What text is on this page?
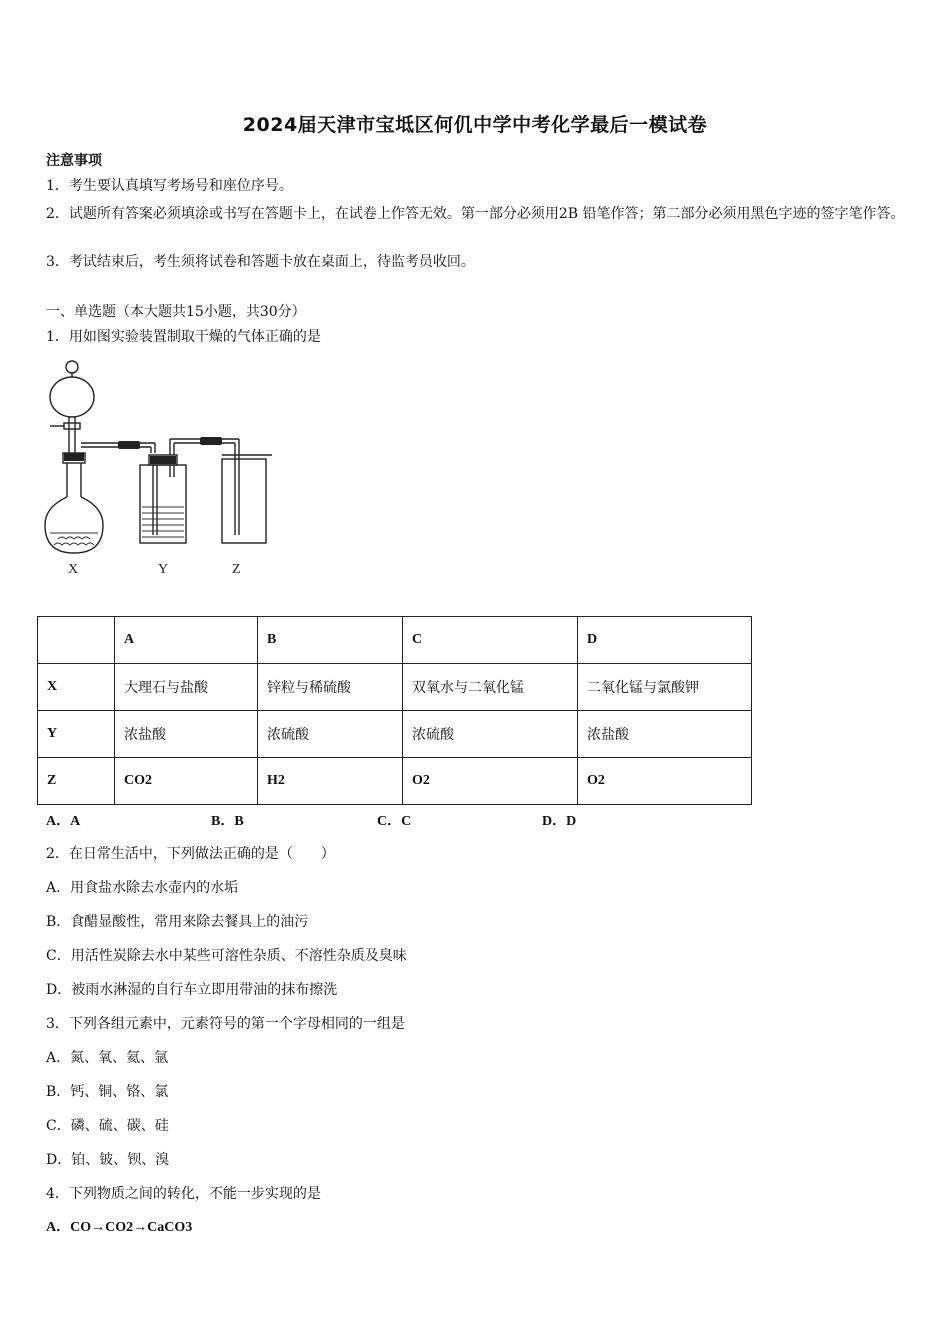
2024届天津市宝坻区何仉中学中考化学最后一模试卷
注意事项
1．考生要认真填写考场号和座位序号。
2．试题所有答案必须填涂或书写在答题卡上，在试卷上作答无效。第一部分必须用2B 铅笔作答；第二部分必须用黑色字迹的签字笔作答。
3．考试结束后，考生须将试卷和答题卡放在桌面上，待监考员收回。
一、单选题（本大题共15小题，共30分）
1．用如图实验装置制取干燥的气体正确的是
X	Y	Z
	A	B	C	D
X	大理石与盐酸	锌粒与稀硫酸	双氧水与二氧化锰	二氧化锰与氯酸钾
Y	浓盐酸	浓硫酸	浓硫酸	浓盐酸
Z	CO2	H2	O2	O2
A．A	B．B	C．C	D．D
2．在日常生活中，下列做法正确的是（　　）
A．用食盐水除去水壶内的水垢
B．食醋显酸性，常用来除去餐具上的油污
C．用活性炭除去水中某些可溶性杂质、不溶性杂质及臭味
D．被雨水淋湿的自行车立即用带油的抹布擦洗
3．下列各组元素中，元素符号的第一个字母相同的一组是
A．氮、氧、氦、氩
B．钙、铜、铬、氯
C．磷、硫、碳、硅
D．铂、铍、钡、溴
4．下列物质之间的转化，不能一步实现的是
A．CO→CO2→CaCO3
